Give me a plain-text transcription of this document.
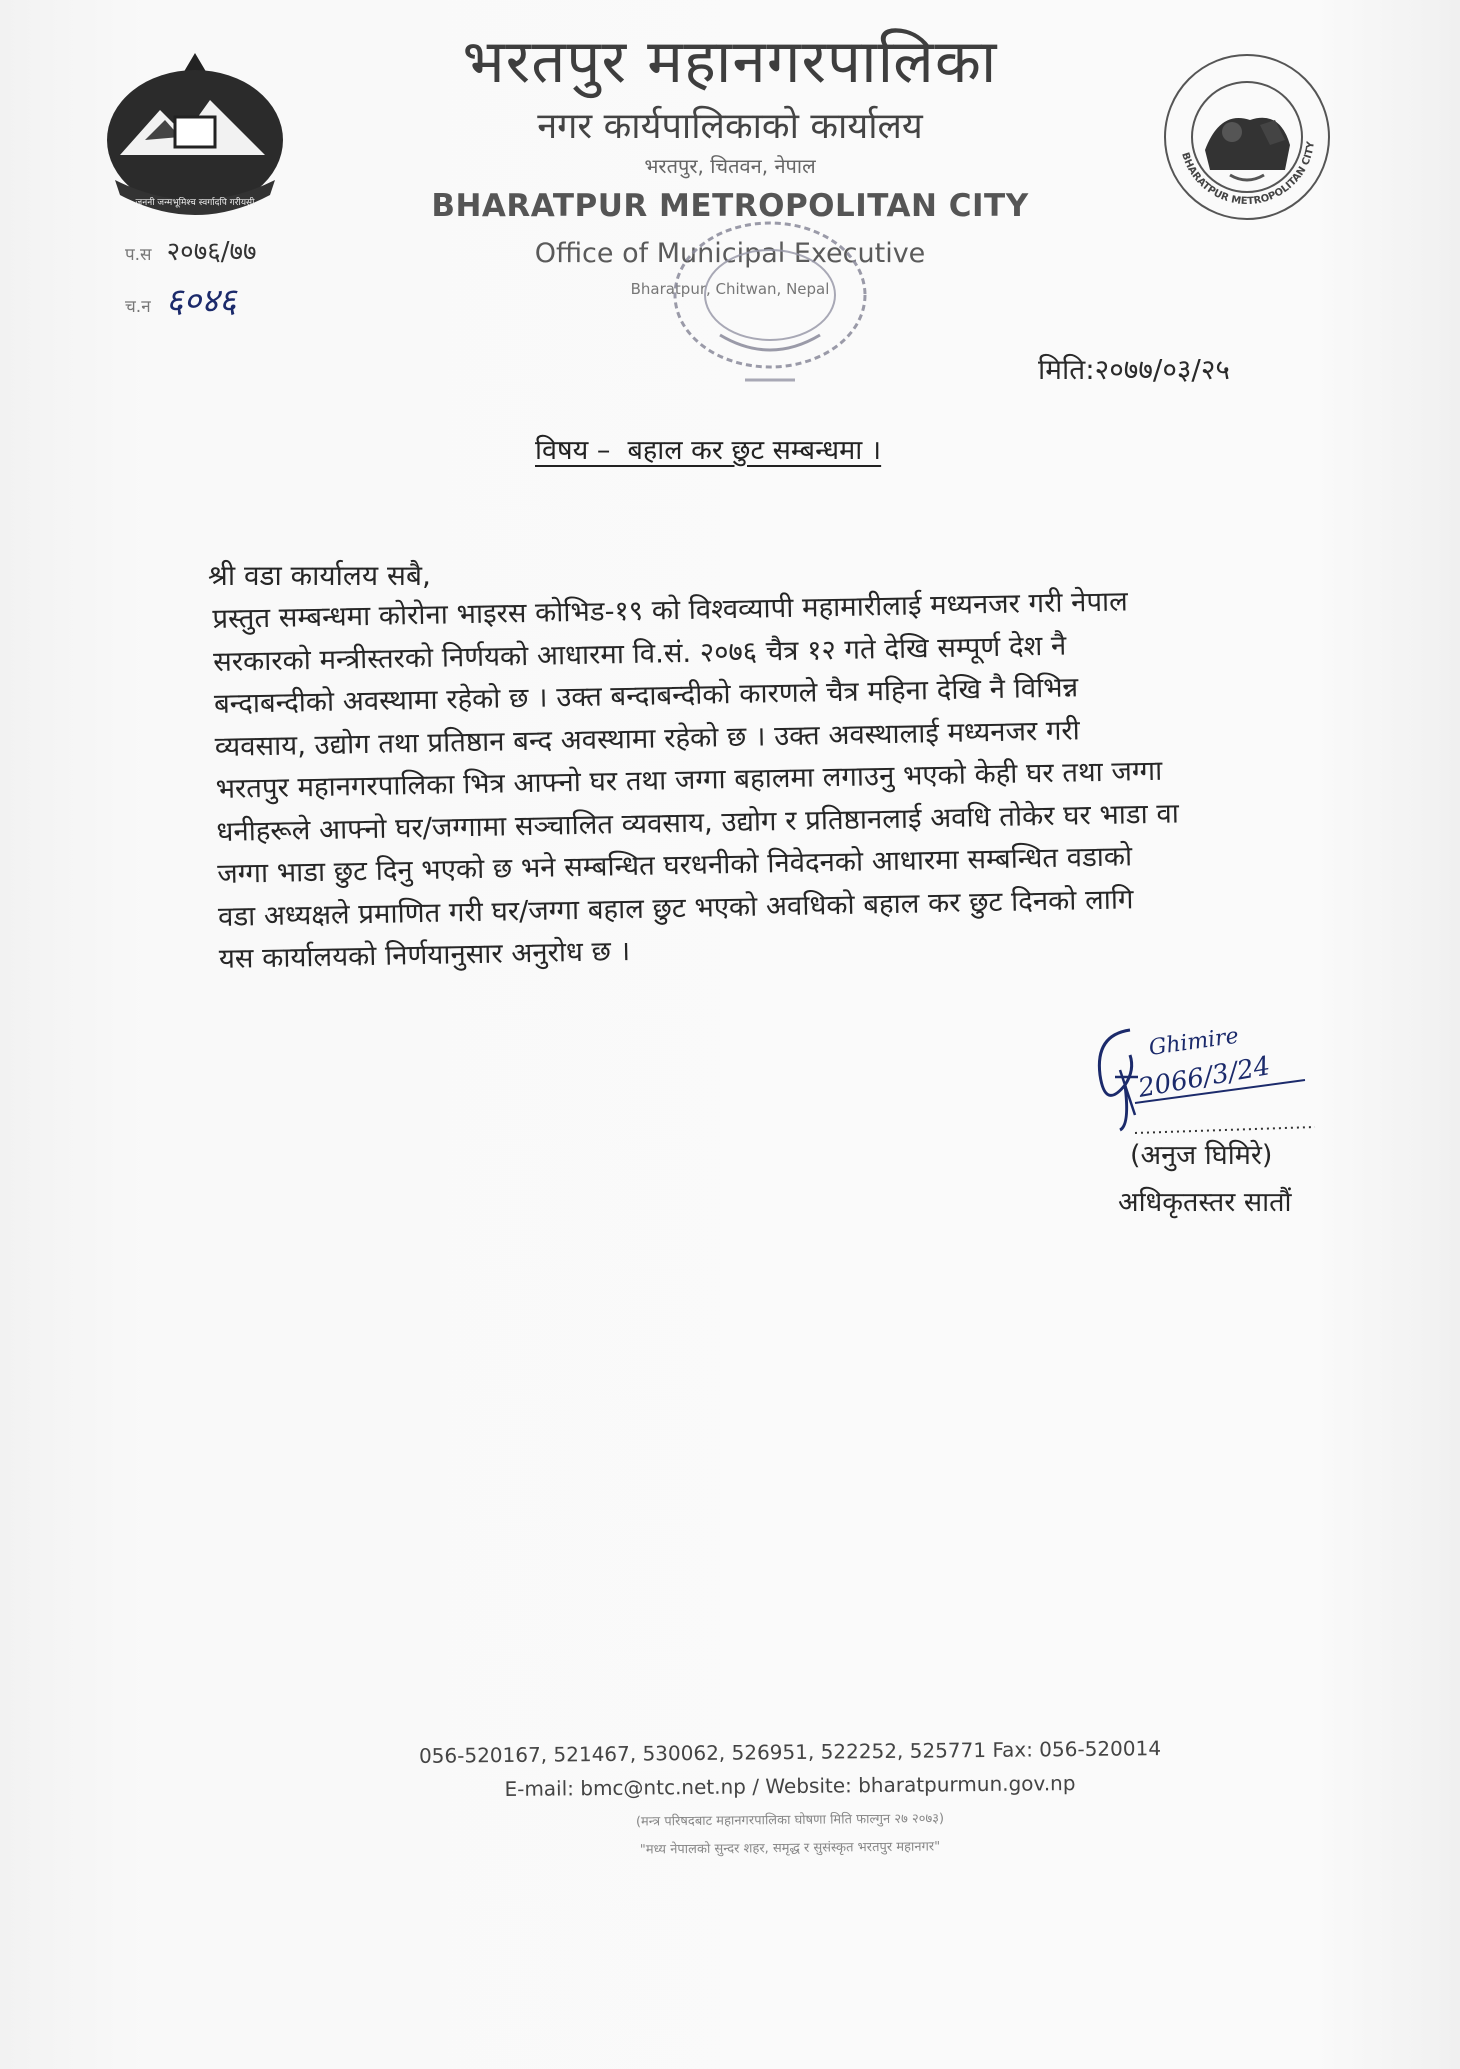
जननी जन्मभूमिश्च स्वर्गादपि गरीयसी
BHARATPUR METROPOLITAN CITY
प.स २०७६/७७
च.न ६०४६
भरतपुर महानगरपालिका
नगर कार्यपालिकाको कार्यालय
भरतपुर, चितवन, नेपाल
BHARATPUR METROPOLITAN CITY
Office of Municipal Executive
Bharatpur, Chitwan, Nepal
मिति:२०७७/०३/२५
विषय –  बहाल कर छुट सम्बन्धमा ।
श्री वडा कार्यालय सबै,
प्रस्तुत सम्बन्धमा कोरोना भाइरस कोभिड-१९ को विश्वव्यापी महामारीलाई मध्यनजर गरी नेपाल
सरकारको मन्त्रीस्तरको निर्णयको आधारमा वि.सं. २०७६ चैत्र १२ गते देखि सम्पूर्ण देश नै
बन्दाबन्दीको अवस्थामा रहेको छ । उक्त बन्दाबन्दीको कारणले चैत्र महिना देखि नै विभिन्न
व्यवसाय, उद्योग तथा प्रतिष्ठान बन्द अवस्थामा रहेको छ । उक्त अवस्थालाई मध्यनजर गरी
भरतपुर महानगरपालिका भित्र आफ्नो घर तथा जग्गा बहालमा लगाउनु भएको केही घर तथा जग्गा
धनीहरूले आफ्नो घर/जग्गामा सञ्चालित व्यवसाय, उद्योग र प्रतिष्ठानलाई अवधि तोकेर घर भाडा वा
जग्गा भाडा छुट दिनु भएको छ भने सम्बन्धित घरधनीको निवेदनको आधारमा सम्बन्धित वडाको
वडा अध्यक्षले प्रमाणित गरी घर/जग्गा बहाल छुट भएको अवधिको बहाल कर छुट दिनको लागि
यस कार्यालयको निर्णयानुसार अनुरोध छ ।
Ghimire
2066/3/24
(अनुज घिमिरे)
अधिकृतस्तर सातौं
056-520167, 521467, 530062, 526951, 522252, 525771 Fax: 056-520014
E-mail: bmc@ntc.net.np / Website: bharatpurmun.gov.np
(मन्त्र परिषदबाट महानगरपालिका घोषणा मिति फाल्गुन २७ २०७३)
"मध्य नेपालको सुन्दर शहर, समृद्ध र सुसंस्कृत भरतपुर महानगर"
